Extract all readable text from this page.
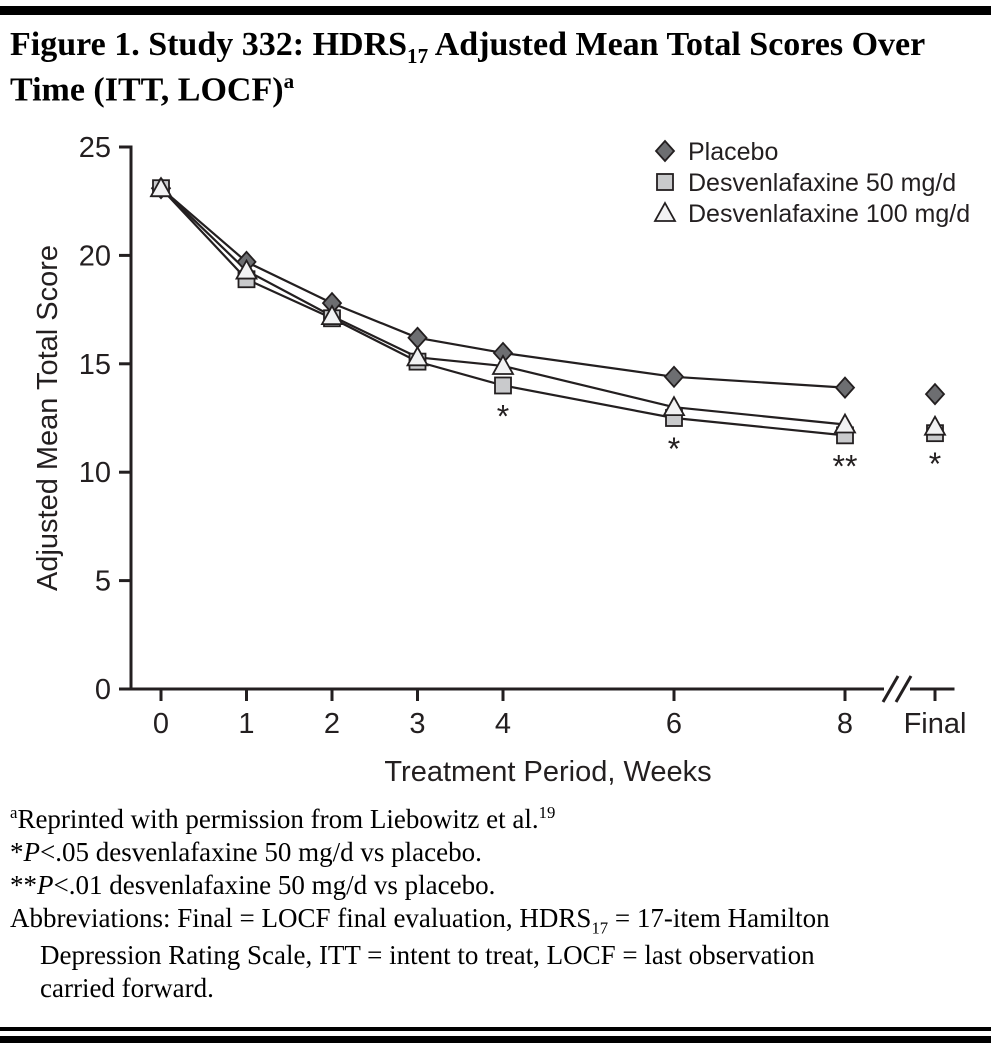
Figure 1. Study 332: $HDRS_{17}$ Adjusted Mean Total Scores Over Time (ITT, LOCF)$^a$
0
5
10
15
20
25
0 1 2 3 4	6	8 Final
*
*	** *
Treatment Period, Weeks
Adjusted Mean Total Score
Placebo
Desvenlafaxine 50 mg/d
Desvenlafaxine 100 mg/d

$^a$Reprinted with permission from Liebowitz et al.$^{19}$

*P<.05 desvenlafaxine 50 mg/d vs placebo.

**P<.01 desvenlafaxine 50 mg/d vs placebo.

Abbreviations: Final = LOCF final evaluation, $HDRS_{17}$ = 17-item Hamilton Depression Rating Scale, ITT = intent to treat, LOCF = last observation carried forward.
